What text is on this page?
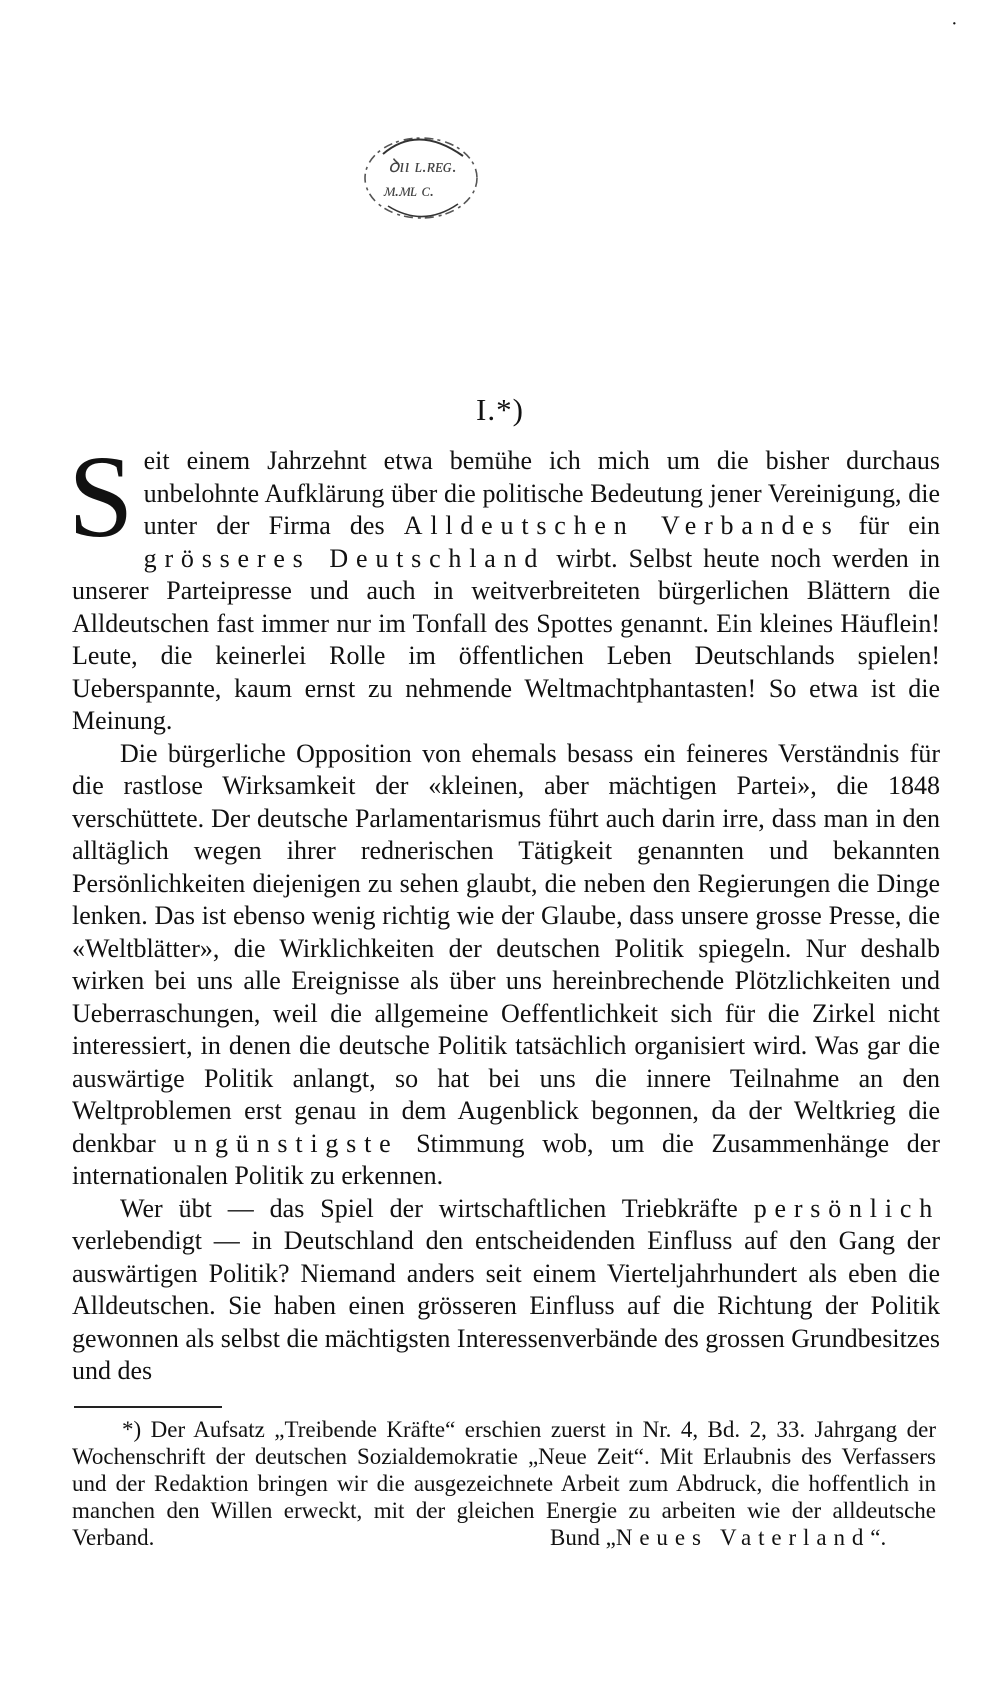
·
ꝺıı ʟ.ʀᴇɢ.
ᴍ.ᴍʟ ᴄ.
I.*)

Seit einem Jahrzehnt etwa bemühe ich mich um die bisher durchaus unbelohnte Aufklärung über die politische Bedeutung jener Vereinigung, die unter der Firma des Alldeutschen Verbandes für ein grösseres Deutschland wirbt. Selbst heute noch werden in unserer Parteipresse und auch in weitverbreiteten bürgerlichen Blättern die Alldeutschen fast immer nur im Tonfall des Spottes genannt. Ein kleines Häuflein! Leute, die keinerlei Rolle im öffentlichen Leben Deutschlands spielen! Ueberspannte, kaum ernst zu nehmende Weltmachtphantasten! So etwa ist die Meinung.

Die bürgerliche Opposition von ehemals besass ein feineres Verständnis für die rastlose Wirksamkeit der «kleinen, aber mächtigen Partei», die 1848 verschüttete. Der deutsche Parlamentarismus führt auch darin irre, dass man in den alltäglich wegen ihrer rednerischen Tätigkeit genannten und bekannten Persönlichkeiten diejenigen zu sehen glaubt, die neben den Regierungen die Dinge lenken. Das ist ebenso wenig richtig wie der Glaube, dass unsere grosse Presse, die «Weltblätter», die Wirklichkeiten der deutschen Politik spiegeln. Nur deshalb wirken bei uns alle Ereignisse als über uns hereinbrechende Plötzlichkeiten und Ueberraschungen, weil die allgemeine Oeffentlichkeit sich für die Zirkel nicht interessiert, in denen die deutsche Politik tatsächlich organisiert wird. Was gar die auswärtige Politik anlangt, so hat bei uns die innere Teilnahme an den Weltproblemen erst genau in dem Augenblick begonnen, da der Weltkrieg die denkbar ungünstigste Stimmung wob, um die Zusammenhänge der internationalen Politik zu erkennen.

Wer übt — das Spiel der wirtschaftlichen Triebkräfte persönlich verlebendigt — in Deutschland den entscheidenden Einfluss auf den Gang der auswärtigen Politik? Niemand anders seit einem Vierteljahrhundert als eben die Alldeutschen. Sie haben einen grösseren Einfluss auf die Richtung der Politik gewonnen als selbst die mächtigsten Interessenverbände des grossen Grundbesitzes und des

*) Der Aufsatz „Treibende Kräfte“ erschien zuerst in Nr. 4, Bd. 2, 33. Jahrgang der Wochenschrift der deutschen Sozialdemokratie „Neue Zeit“. Mit Erlaubnis des Verfassers und der Redaktion bringen wir die ausgezeichnete Arbeit zum Abdruck, die hoffentlich in manchen den Willen erweckt, mit der gleichen Energie zu arbeiten wie der alldeutsche Verband.	Bund „Neues Vaterland“.
